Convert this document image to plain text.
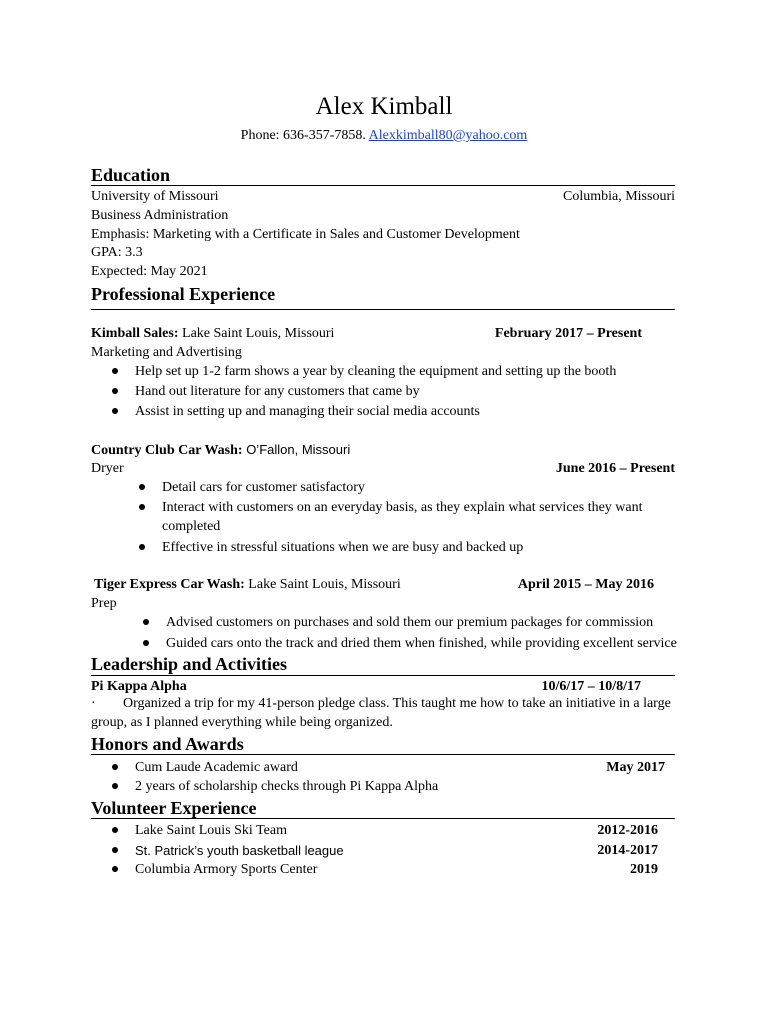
Alex Kimball
Phone: 636-357-7858. Alexkimball80@yahoo.com
Education
University of Missouri	Columbia, Missouri
Business Administration
Emphasis: Marketing with a Certificate in Sales and Customer Development
GPA: 3.3
Expected: May 2021
Professional Experience
Kimball Sales: Lake Saint Louis, Missouri	February 2017 – Present
Marketing and Advertising
Help set up 1-2 farm shows a year by cleaning the equipment and setting up the booth
Hand out literature for any customers that came by
Assist in setting up and managing their social media accounts
Country Club Car Wash: O’Fallon, Missouri
Dryer	June 2016 – Present
Detail cars for customer satisfactory
Interact with customers on an everyday basis, as they explain what services they want
completed
Effective in stressful situations when we are busy and backed up
Tiger Express Car Wash: Lake Saint Louis, Missouri	April 2015 – May 2016
Prep
Advised customers on purchases and sold them our premium packages for commission
Guided cars onto the track and dried them when finished, while providing excellent service
Leadership and Activities
Pi Kappa Alpha	10/6/17 – 10/8/17
· Organized a trip for my 41-person pledge class. This taught me how to take an initiative in a large
group, as I planned everything while being organized.
Honors and Awards
Cum Laude Academic award	May 2017
2 years of scholarship checks through Pi Kappa Alpha
Volunteer Experience
Lake Saint Louis Ski Team	2012-2016
St. Patrick’s youth basketball league	2014-2017
Columbia Armory Sports Center	2019
